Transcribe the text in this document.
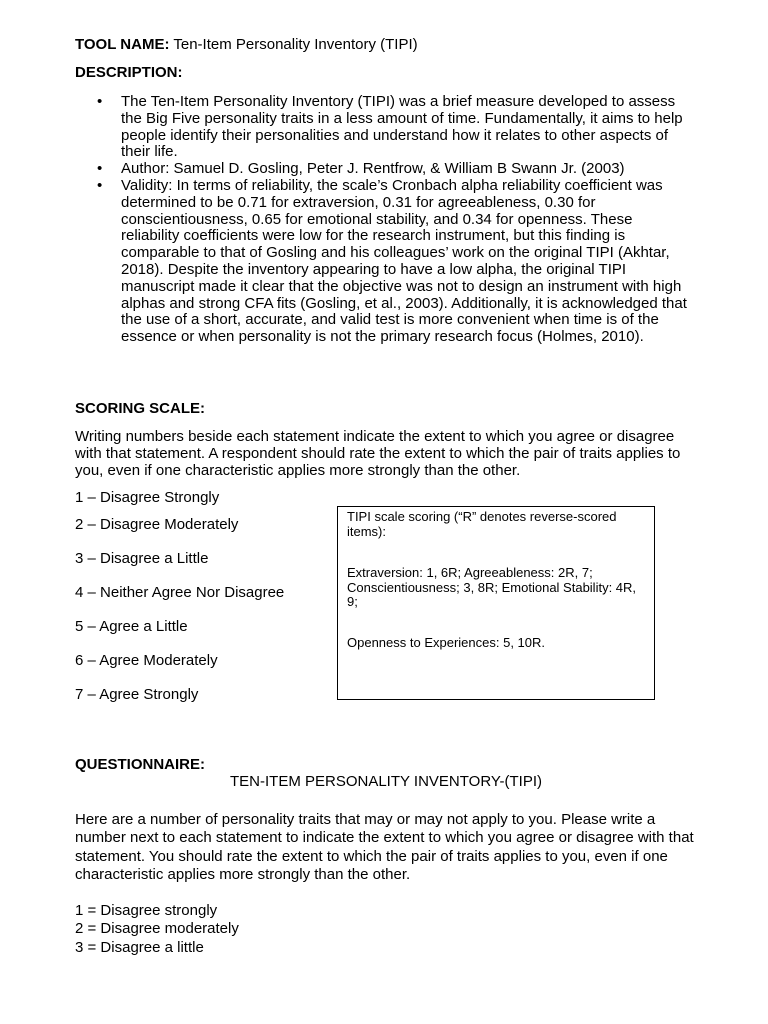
TOOL NAME: Ten-Item Personality Inventory (TIPI)
DESCRIPTION:
• The Ten-Item Personality Inventory (TIPI) was a brief measure developed to assess the Big Five personality traits in a less amount of time. Fundamentally, it aims to help people identify their personalities and understand how it relates to other aspects of their life.
• Author: Samuel D. Gosling, Peter J. Rentfrow, & William B Swann Jr. (2003)
• Validity: In terms of reliability, the scale’s Cronbach alpha reliability coefficient was determined to be 0.71 for extraversion, 0.31 for agreeableness, 0.30 for conscientiousness, 0.65 for emotional stability, and 0.34 for openness. These reliability coefficients were low for the research instrument, but this finding is comparable to that of Gosling and his colleagues’ work on the original TIPI (Akhtar, 2018). Despite the inventory appearing to have a low alpha, the original TIPI manuscript made it clear that the objective was not to design an instrument with high alphas and strong CFA fits (Gosling, et al., 2003). Additionally, it is acknowledged that the use of a short, accurate, and valid test is more convenient when time is of the essence or when personality is not the primary research focus (Holmes, 2010).
SCORING SCALE:

Writing numbers beside each statement indicate the extent to which you agree or disagree with that statement. A respondent should rate the extent to which the pair of traits applies to you, even if one characteristic applies more strongly than the other.

1 – Disagree Strongly

2 – Disagree Moderately

3 – Disagree a Little

4 – Neither Agree Nor Disagree

5 – Agree a Little

6 – Agree Moderately

7 – Agree Strongly

TIPI scale scoring (“R” denotes reverse-scored items):

Extraversion: 1, 6R; Agreeableness: 2R, 7; Conscientiousness; 3, 8R; Emotional Stability: 4R, 9;

Openness to Experiences: 5, 10R.

QUESTIONNAIRE:
TEN-ITEM PERSONALITY INVENTORY-(TIPI)

Here are a number of personality traits that may or may not apply to you. Please write a number next to each statement to indicate the extent to which you agree or disagree with that statement. You should rate the extent to which the pair of traits applies to you, even if one characteristic applies more strongly than the other.

1 = Disagree strongly
2 = Disagree moderately
3 = Disagree a little
